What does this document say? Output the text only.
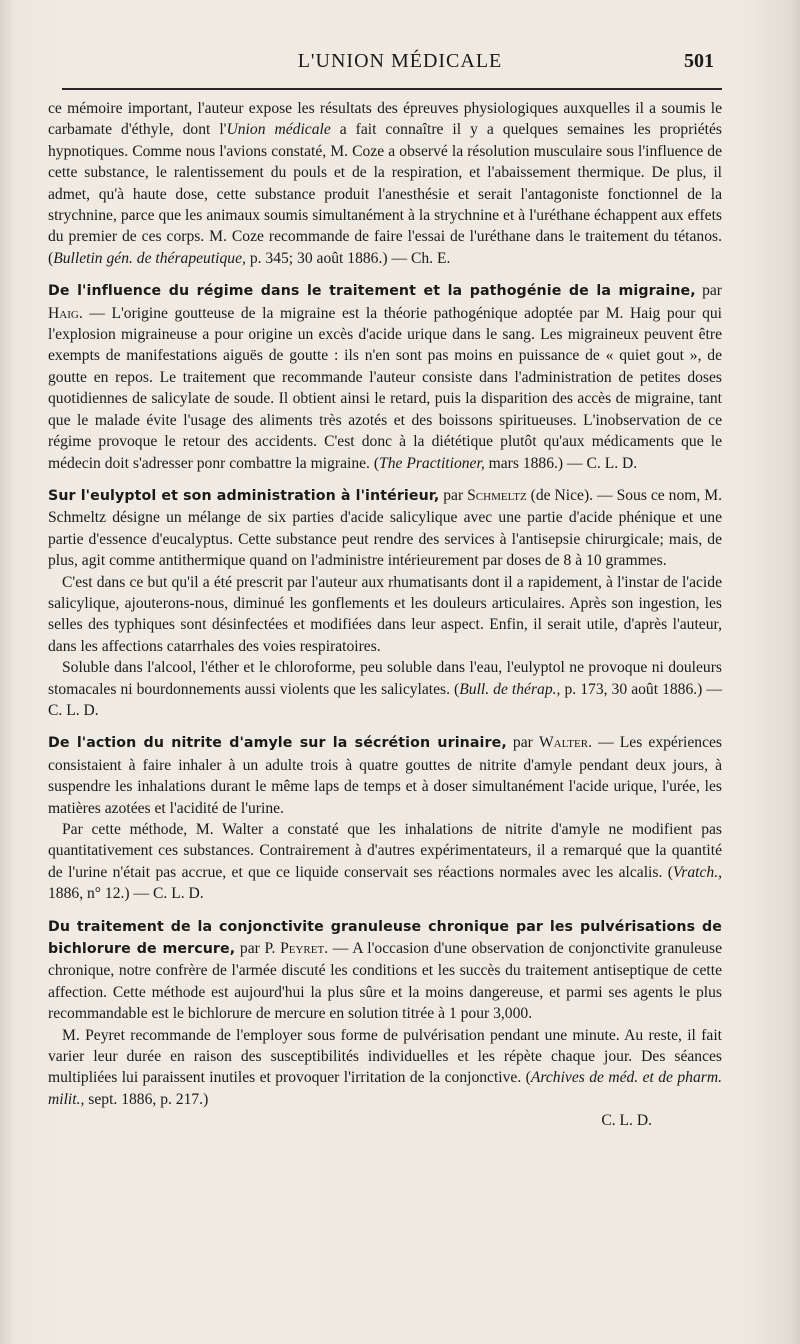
L'UNION MÉDICALE	501

ce mémoire important, l'auteur expose les résultats des épreuves physiologiques auxquelles il a soumis le carbamate d'éthyle, dont l'Union médicale a fait connaître il y a quelques semaines les propriétés hypnotiques. Comme nous l'avions constaté, M. Coze a observé la résolution musculaire sous l'influence de cette substance, le ralentissement du pouls et de la respiration, et l'abaissement thermique. De plus, il admet, qu'à haute dose, cette substance produit l'anesthésie et serait l'antagoniste fonctionnel de la strychnine, parce que les animaux soumis simultanément à la strychnine et à l'uréthane échappent aux effets du premier de ces corps. M. Coze recommande de faire l'essai de l'uréthane dans le traitement du tétanos. (Bulletin gén. de thérapeutique, p. 345; 30 août 1886.) — Ch. E.

De l'influence du régime dans le traitement et la pathogénie de la migraine, par Haig. — L'origine goutteuse de la migraine est la théorie pathogénique adoptée par M. Haig pour qui l'explosion migraineuse a pour origine un excès d'acide urique dans le sang. Les migraineux peuvent être exempts de manifestations aiguës de goutte : ils n'en sont pas moins en puissance de « quiet gout », de goutte en repos. Le traitement que recommande l'auteur consiste dans l'administration de petites doses quotidiennes de salicylate de soude. Il obtient ainsi le retard, puis la disparition des accès de migraine, tant que le malade évite l'usage des aliments très azotés et des boissons spiritueuses. L'inobservation de ce régime provoque le retour des accidents. C'est donc à la diététique plutôt qu'aux médicaments que le médecin doit s'adresser ponr combattre la migraine. (The Practitioner, mars 1886.) — C. L. D.

Sur l'eulyptol et son administration à l'intérieur, par Schmeltz (de Nice). — Sous ce nom, M. Schmeltz désigne un mélange de six parties d'acide salicylique avec une partie d'acide phénique et une partie d'essence d'eucalyptus. Cette substance peut rendre des services à l'antisepsie chirurgicale; mais, de plus, agit comme antithermique quand on l'administre intérieurement par doses de 8 à 10 grammes.

C'est dans ce but qu'il a été prescrit par l'auteur aux rhumatisants dont il a rapidement, à l'instar de l'acide salicylique, ajouterons-nous, diminué les gonflements et les douleurs articulaires. Après son ingestion, les selles des typhiques sont désinfectées et modifiées dans leur aspect. Enfin, il serait utile, d'après l'auteur, dans les affections catarrhales des voies respiratoires.

Soluble dans l'alcool, l'éther et le chloroforme, peu soluble dans l'eau, l'eulyptol ne provoque ni douleurs stomacales ni bourdonnements aussi violents que les salicylates. (Bull. de thérap., p. 173, 30 août 1886.) — C. L. D.

De l'action du nitrite d'amyle sur la sécrétion urinaire, par Walter. — Les expériences consistaient à faire inhaler à un adulte trois à quatre gouttes de nitrite d'amyle pendant deux jours, à suspendre les inhalations durant le même laps de temps et à doser simultanément l'acide urique, l'urée, les matières azotées et l'acidité de l'urine.

Par cette méthode, M. Walter a constaté que les inhalations de nitrite d'amyle ne modifient pas quantitativement ces substances. Contrairement à d'autres expérimentateurs, il a remarqué que la quantité de l'urine n'était pas accrue, et que ce liquide conservait ses réactions normales avec les alcalis. (Vratch., 1886, n° 12.) — C. L. D.

Du traitement de la conjonctivite granuleuse chronique par les pulvérisations de bichlorure de mercure, par P. Peyret. — A l'occasion d'une observation de conjonctivite granuleuse chronique, notre confrère de l'armée discuté les conditions et les succès du traitement antiseptique de cette affection. Cette méthode est aujourd'hui la plus sûre et la moins dangereuse, et parmi ses agents le plus recommandable est le bichlorure de mercure en solution titrée à 1 pour 3,000.

M. Peyret recommande de l'employer sous forme de pulvérisation pendant une minute. Au reste, il fait varier leur durée en raison des susceptibilités individuelles et les répète chaque jour. Des séances multipliées lui paraissent inutiles et provoquer l'irritation de la conjonctive. (Archives de méd. et de pharm. milit., sept. 1886, p. 217.)

C. L. D.
